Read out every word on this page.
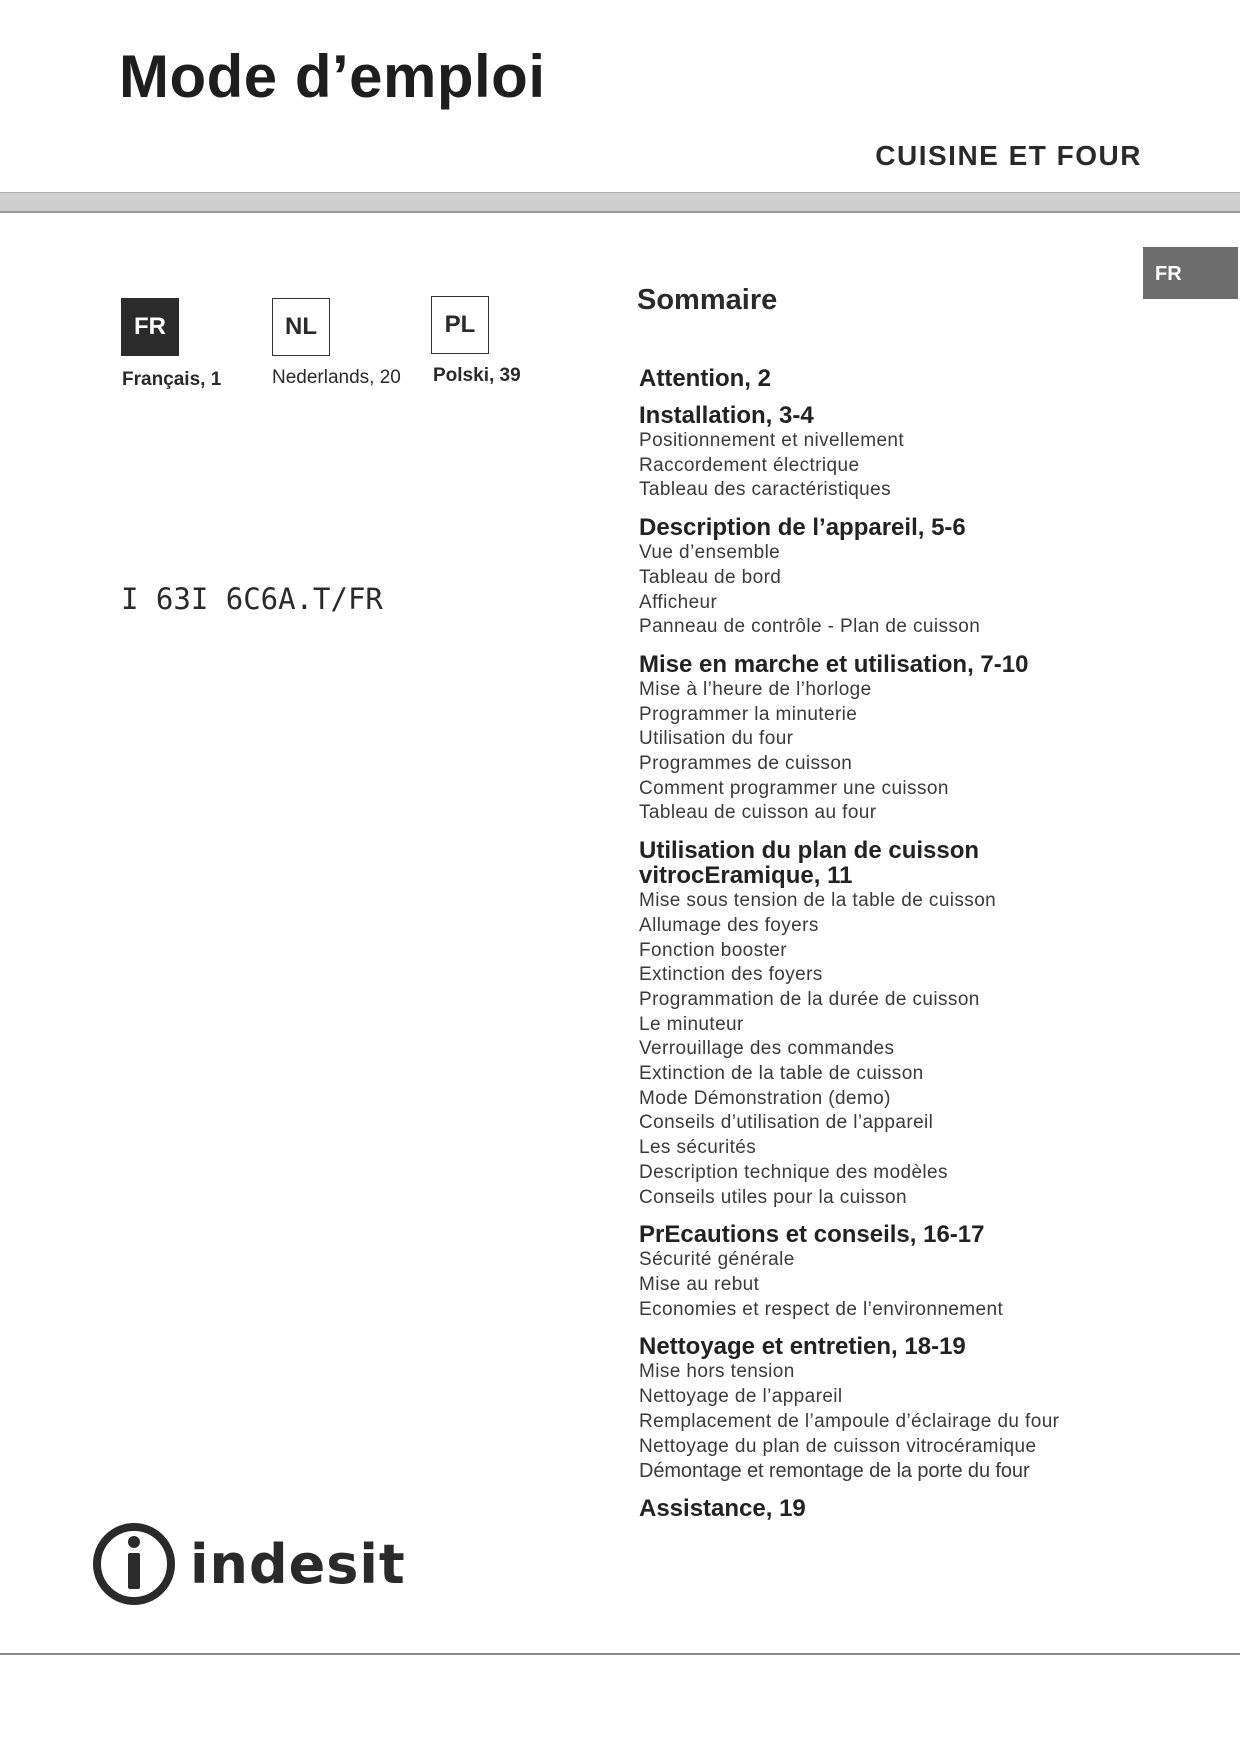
Mode d’emploi
CUISINE ET FOUR
FR
FR
Français, 1
NL
Nederlands, 20
PL
Polski, 39
I 63I 6C6A.T/FR
indesit
Sommaire
Attention, 2
Installation, 3-4
Positionnement et nivellement
Raccordement électrique
Tableau des caractéristiques
Description de l’appareil, 5-6
Vue d’ensemble
Tableau de bord
Afficheur
Panneau de contrôle - Plan de cuisson
Mise en marche et utilisation, 7-10
Mise à l’heure de l’horloge
Programmer la minuterie
Utilisation du four
Programmes de cuisson
Comment programmer une cuisson
Tableau de cuisson au four
Utilisation du plan de cuisson
vitrocEramique, 11
Mise sous tension de la table de cuisson
Allumage des foyers
Fonction booster
Extinction des foyers
Programmation de la durée de cuisson
Le minuteur
Verrouillage des commandes
Extinction de la table de cuisson
Mode Démonstration (demo)
Conseils d’utilisation de l’appareil
Les sécurités
Description technique des modèles
Conseils utiles pour la cuisson
PrEcautions et conseils, 16-17
Sécurité générale
Mise au rebut
Economies et respect de l’environnement
Nettoyage et entretien, 18-19
Mise hors tension
Nettoyage de l’appareil
Remplacement de l’ampoule d’éclairage du four
Nettoyage du plan de cuisson vitrocéramique
Démontage et remontage de la porte du four
Assistance, 19
